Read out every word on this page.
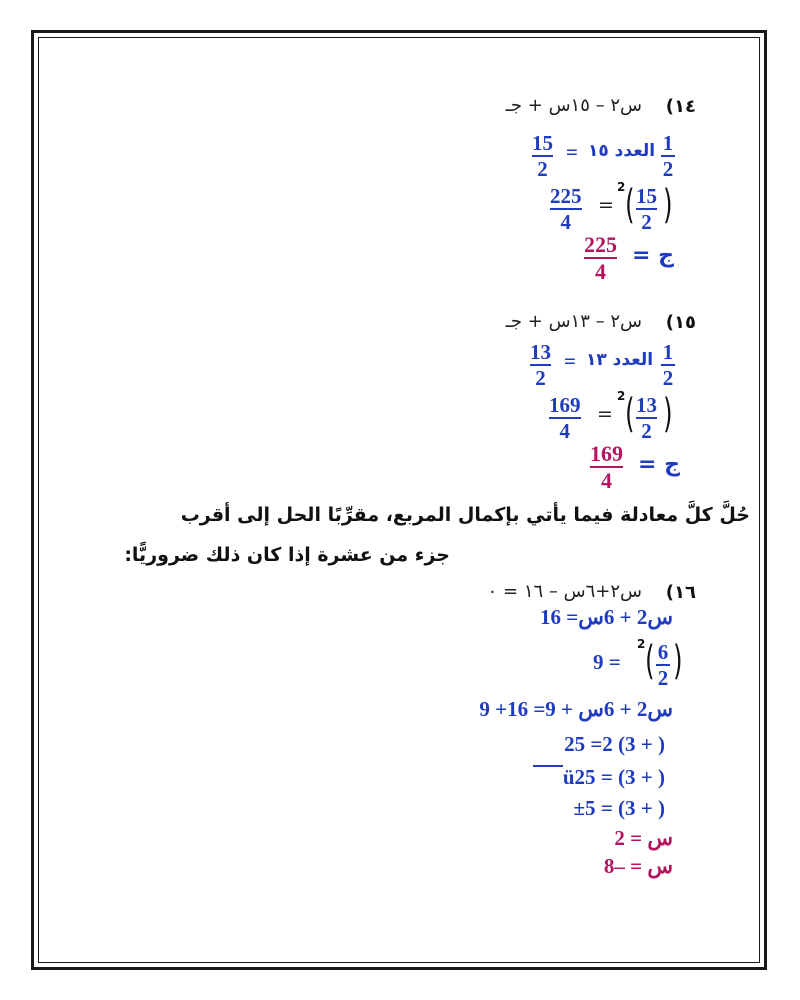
س٢ – ١٥س + جـ ١٤)
15
2
= العدد ١٥ 1
2
225
4
=
2 ( 15
2 )
225
4
ج =
س٢ – ١٣س + جـ ١٥)
13
2
= العدد ١٣ 1
2
169
4
=
2 ( 13
2 )
169
4
ج =
حُلَّ كلَّ معادلة فيما يأتي بإكمال المربع، مقرِّبًا الحل إلى أقرب
جزء من عشرة إذا كان ذلك ضروريًّا:
س٢+٦س – ١٦ = ٠ ١٦)
س2 + 6س= 16
= 9
2 ( 6
2 )
س2 + 6س + 9= 16+ 9
( + 3) 2= 25
( + 3) = ü25
( + 3) = ±5
س = 2
س = –8
